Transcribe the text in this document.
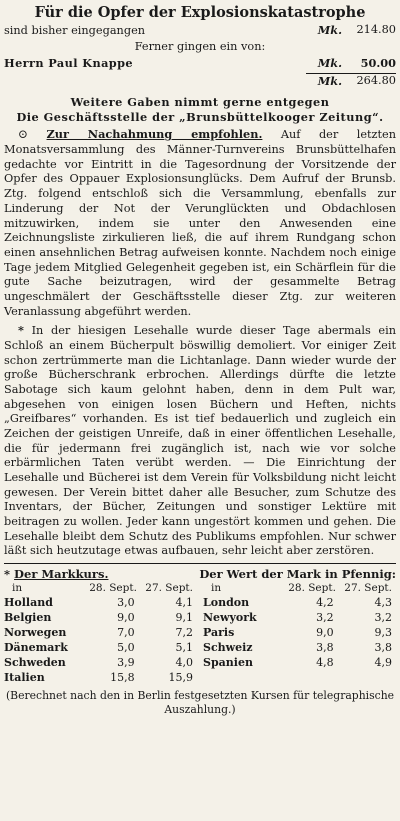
Für die Opfer der Explosionskatastrophe
sind bisher eingegangen	Mk.	214.80
Ferner gingen ein von:
Herrn Paul Knappe	Mk.	50.00
Mk.	264.80
Weitere Gaben nimmt gerne entgegen
Die Geschäftsstelle der „Brunsbüttelkooger Zeitung“.

⊙ Zur Nachahmung empfohlen. Auf der letzten Monatsversammlung des Männer-Turnvereins Brunsbüttelhafen gedachte vor Eintritt in die Tagesordnung der Vorsitzende der Opfer des Oppauer Explosionsunglücks. Dem Aufruf der Brunsb. Ztg. folgend entschloß sich die Versammlung, ebenfalls zur Linderung der Not der Verunglückten und Obdachlosen mitzuwirken, indem sie unter den Anwesenden eine Zeichnungsliste zirkulieren ließ, die auf ihrem Rundgang schon einen ansehnlichen Betrag aufweisen konnte. Nachdem noch einige Tage jedem Mitglied Gelegenheit gegeben ist, ein Schärflein für die gute Sache beizutragen, wird der gesammelte Betrag ungeschmälert der Geschäftsstelle dieser Ztg. zur weiteren Veranlassung abgeführt werden.

* In der hiesigen Lesehalle wurde dieser Tage abermals ein Schloß an einem Bücherpult böswillig demoliert. Vor einiger Zeit schon zertrümmerte man die Lichtanlage. Dann wieder wurde der große Bücherschrank erbrochen. Allerdings dürfte die letzte Sabotage sich kaum gelohnt haben, denn in dem Pult war, abgesehen von einigen losen Büchern und Heften, nichts „Greifbares“ vorhanden. Es ist tief bedauerlich und zugleich ein Zeichen der geistigen Unreife, daß in einer öffentlichen Lesehalle, die für jedermann frei zugänglich ist, nach wie vor solche erbärmlichen Taten verübt werden. — Die Einrichtung der Lesehalle und Bücherei ist dem Verein für Volksbildung nicht leicht gewesen. Der Verein bittet daher alle Besucher, zum Schutze des Inventars, der Bücher, Zeitungen und sonstiger Lektüre mit beitragen zu wollen. Jeder kann ungestört kommen und gehen. Die Lesehalle bleibt dem Schutz des Publikums empfohlen. Nur schwer läßt sich heutzutage etwas aufbauen, sehr leicht aber zerstören.

* Der Markkurs.	Der Wert der Mark in Pfennig:
in	28. Sept. 27. Sept.
Holland	3,0	4,1
Belgien	9,0	9,1
Norwegen	7,0	7,2
Dänemark	5,0	5,1
Schweden	3,9	4,0
Italien	15,8	15,9
in	28. Sept. 27. Sept.
London	4,2	4,3
Newyork	3,2	3,2
Paris	9,0	9,3
Schweiz	3,8	3,8
Spanien	4,8	4,9
(Berechnet nach den in Berlin festgesetzten Kursen für telegraphische Auszahlung.)
